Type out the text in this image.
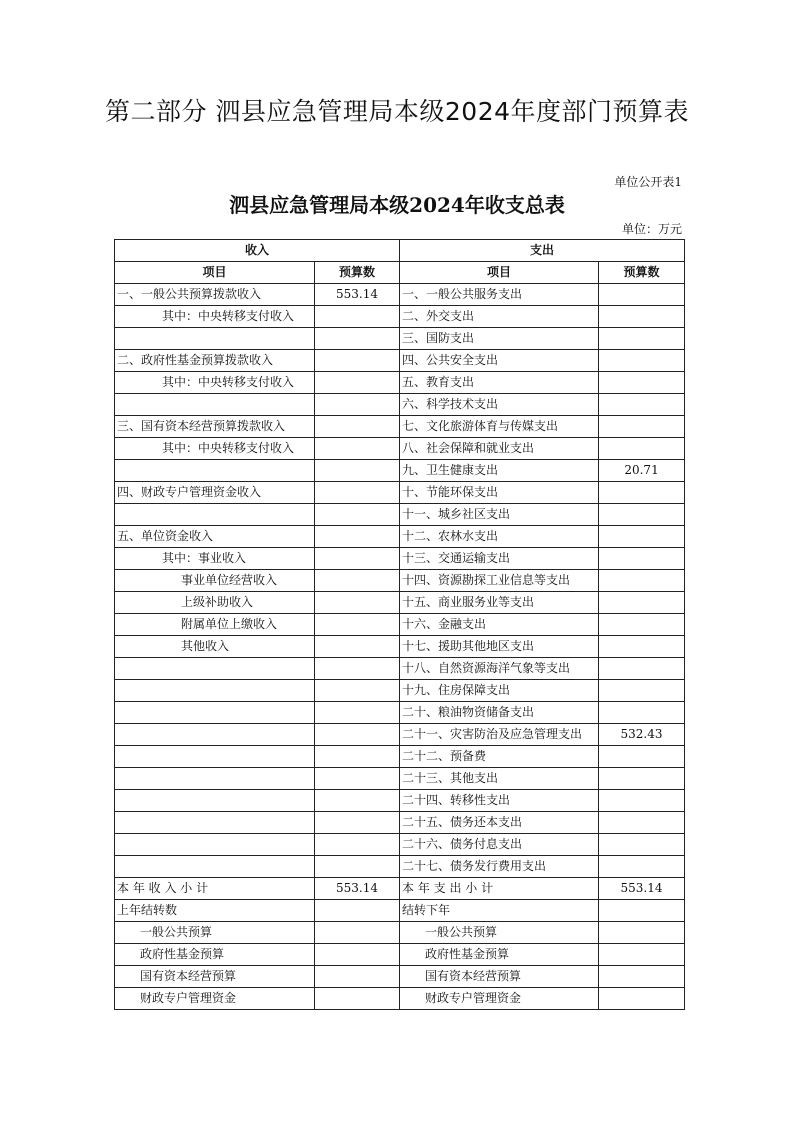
第二部分 泗县应急管理局本级2024年度部门预算表
单位公开表1
泗县应急管理局本级2024年收支总表
单位：万元
收入		支出	
项目	预算数	项目	预算数
一、一般公共预算拨款收入	553.14	一、一般公共服务支出	
其中：中央转移支付收入		二、外交支出	
		三、国防支出	
二、政府性基金预算拨款收入		四、公共安全支出	
其中：中央转移支付收入		五、教育支出	
		六、科学技术支出	
三、国有资本经营预算拨款收入		七、文化旅游体育与传媒支出	
其中：中央转移支付收入		八、社会保障和就业支出	
		九、卫生健康支出	20.71
四、财政专户管理资金收入		十、节能环保支出	
		十一、城乡社区支出	
五、单位资金收入		十二、农林水支出	
其中：事业收入		十三、交通运输支出	
事业单位经营收入		十四、资源勘探工业信息等支出	
上级补助收入		十五、商业服务业等支出	
附属单位上缴收入		十六、金融支出	
其他收入		十七、援助其他地区支出	
		十八、自然资源海洋气象等支出	
		十九、住房保障支出	
		二十、粮油物资储备支出	
		二十一、灾害防治及应急管理支出	532.43
		二十二、预备费	
		二十三、其他支出	
		二十四、转移性支出	
		二十五、债务还本支出	
		二十六、债务付息支出	
		二十七、债务发行费用支出	
本 年 收 入 小 计	553.14	本 年 支 出 小 计	553.14
上年结转数		结转下年	
一般公共预算		一般公共预算	
政府性基金预算		政府性基金预算	
国有资本经营预算		国有资本经营预算	
财政专户管理资金		财政专户管理资金	
